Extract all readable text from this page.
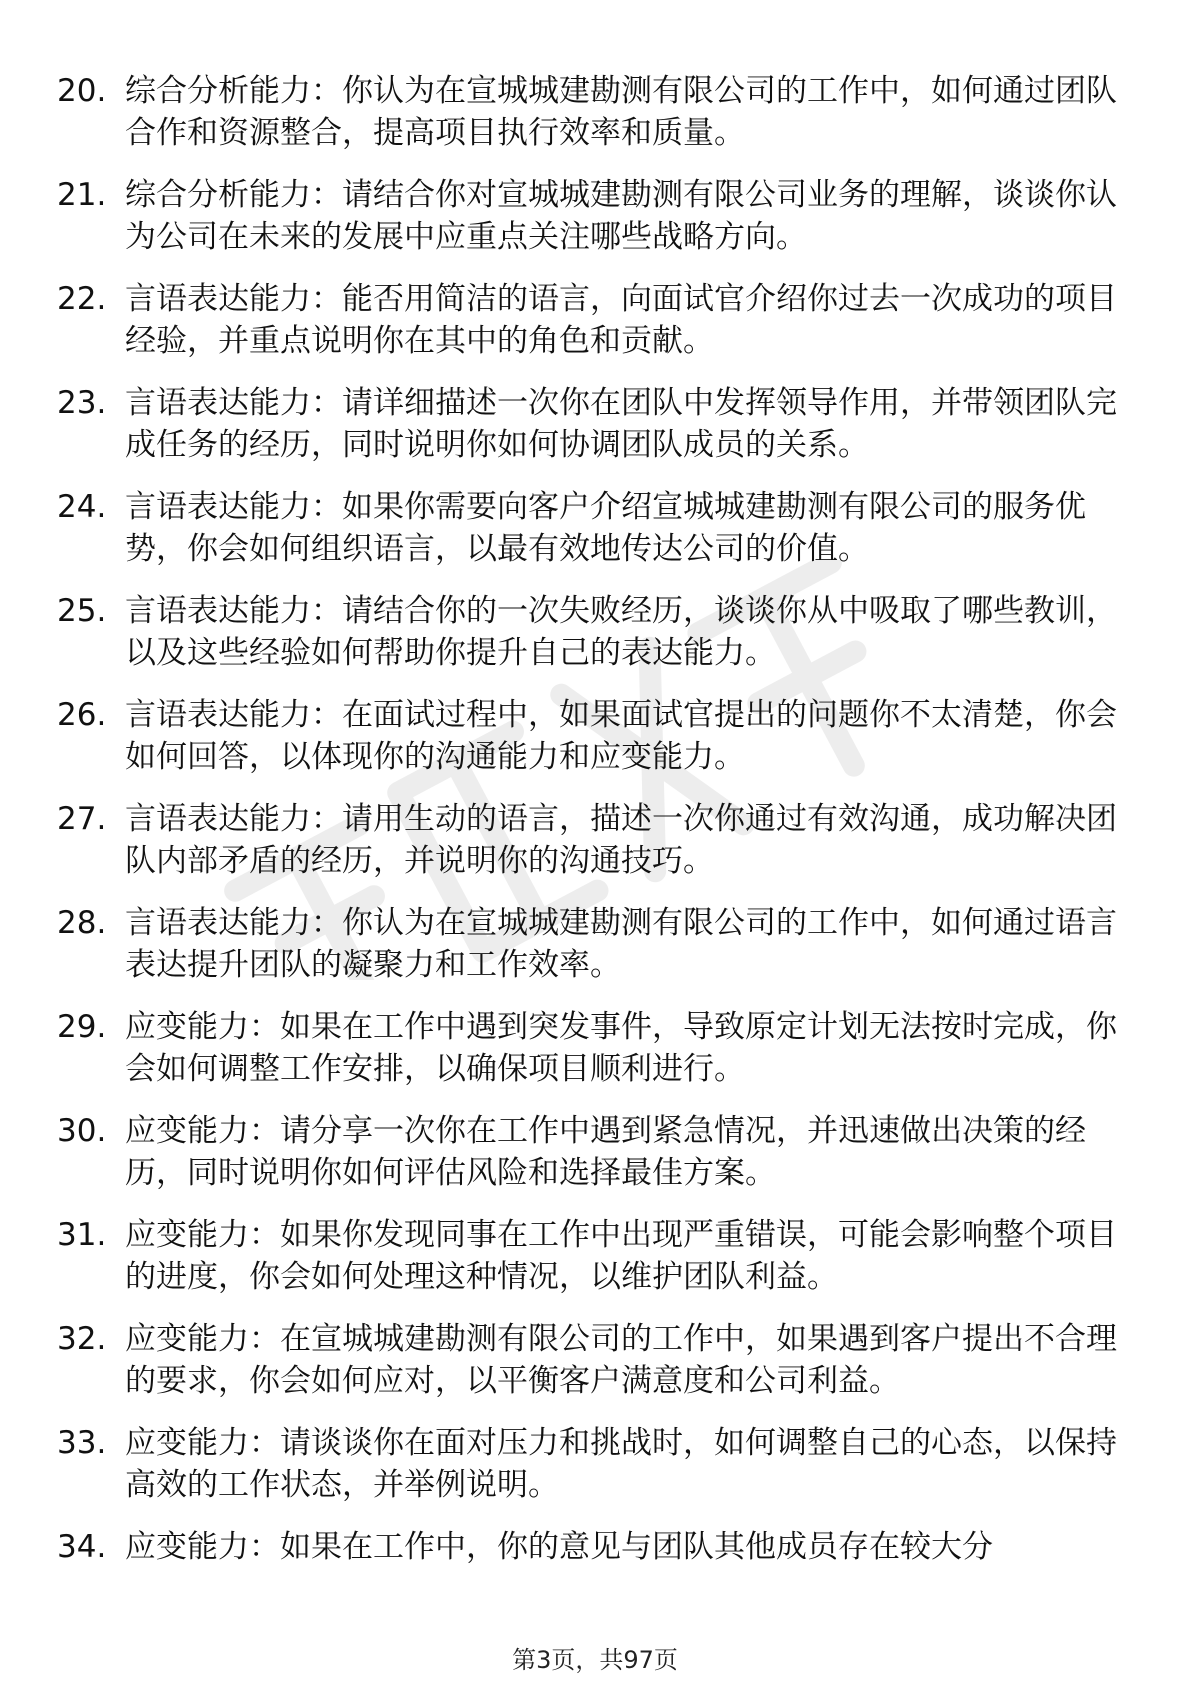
20. 综合分析能力：你认为在宣城城建勘测有限公司的工作中，如何通过团队合作和资源整合，提高项目执行效率和质量。
21. 综合分析能力：请结合你对宣城城建勘测有限公司业务的理解，谈谈你认为公司在未来的发展中应重点关注哪些战略方向。
22. 言语表达能力：能否用简洁的语言，向面试官介绍你过去一次成功的项目经验，并重点说明你在其中的角色和贡献。
23. 言语表达能力：请详细描述一次你在团队中发挥领导作用，并带领团队完成任务的经历，同时说明你如何协调团队成员的关系。
24. 言语表达能力：如果你需要向客户介绍宣城城建勘测有限公司的服务优势，你会如何组织语言，以最有效地传达公司的价值。
25. 言语表达能力：请结合你的一次失败经历，谈谈你从中吸取了哪些教训，以及这些经验如何帮助你提升自己的表达能力。
26. 言语表达能力：在面试过程中，如果面试官提出的问题你不太清楚，你会如何回答，以体现你的沟通能力和应变能力。
27. 言语表达能力：请用生动的语言，描述一次你通过有效沟通，成功解决团队内部矛盾的经历，并说明你的沟通技巧。
28. 言语表达能力：你认为在宣城城建勘测有限公司的工作中，如何通过语言表达提升团队的凝聚力和工作效率。
29. 应变能力：如果在工作中遇到突发事件，导致原定计划无法按时完成，你会如何调整工作安排，以确保项目顺利进行。
30. 应变能力：请分享一次你在工作中遇到紧急情况，并迅速做出决策的经历，同时说明你如何评估风险和选择最佳方案。
31. 应变能力：如果你发现同事在工作中出现严重错误，可能会影响整个项目的进度，你会如何处理这种情况，以维护团队利益。
32. 应变能力：在宣城城建勘测有限公司的工作中，如果遇到客户提出不合理的要求，你会如何应对，以平衡客户满意度和公司利益。
33. 应变能力：请谈谈你在面对压力和挑战时，如何调整自己的心态，以保持高效的工作状态，并举例说明。
34. 应变能力：如果在工作中，你的意见与团队其他成员存在较大分
第3页，共97页
